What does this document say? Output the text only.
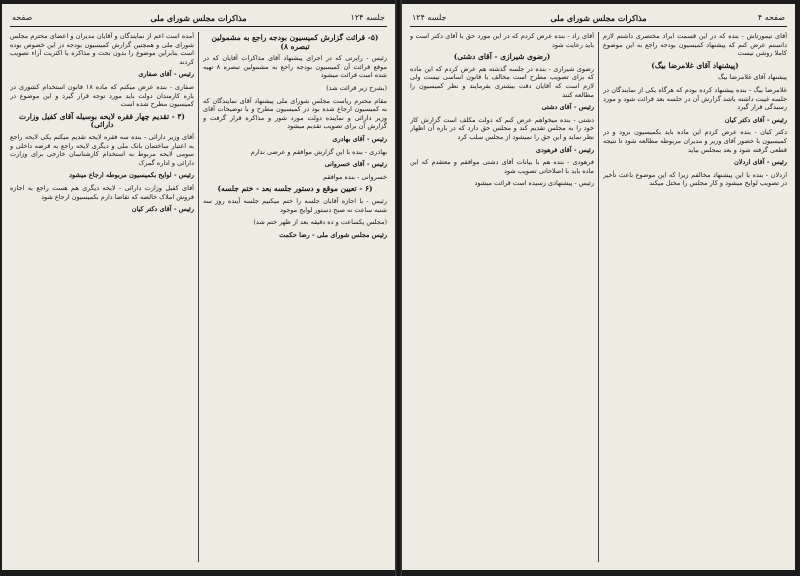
جلسه ۱۲۴
مذاکرات مجلس شورای ملی
صفحه
(۵- قرائت گزارش کمیسیون بودجه راجع به مشمولین تبصره ۸)

رئیس - راپرتی که در اجرای پیشنهاد آقای مذاکرات آقایان که در موقع قرائت آن کمیسیون بودجه راجع به مشمولین تبصره ۸ تهیه شده است قرائت میشود

(بشرح زیر قرائت شد)

مقام محترم ریاست مجلس شورای ملی پیشنهاد آقای نمایندگان که به کمیسیون ارجاع شده بود در کمیسیون مطرح و با توضیحات آقای وزیر دارائی و نماینده دولت مورد شور و مذاکره قرار گرفت و گزارش آن برای تصویب تقدیم میشود

رئیس - آقای بهادری

بهادری - بنده با این گزارش موافقم و عرضی ندارم

رئیس - آقای خسروانی

خسروانی - بنده موافقم

(۶ - تعیین موقع و دستور جلسه بعد - ختم جلسه)

رئیس - با اجازه آقایان جلسه را ختم میکنیم جلسه آینده روز سه شنبه ساعت نه صبح دستور لوایح موجود

(مجلس یکساعت و ده دقیقه بعد از ظهر ختم شد)

رئیس مجلس شورای ملی - رضا حکمت

آمده است اعم از نمایندگان و آقایان مدیران و اعضای محترم مجلس شورای ملی و همچنین گزارش کمیسیون بودجه در این خصوص بوده است بنابراین موضوع را بدون بحث و مذاکره با اکثریت آراء تصویب کردند

رئیس - آقای صفاری

صفاری - بنده عرض میکنم که ماده ۱۸ قانون استخدام کشوری در باره کارمندان دولت باید مورد توجه قرار گیرد و این موضوع در کمیسیون مطرح شده است

(۴ - تقدیم چهار فقره لایحه بوسیله آقای کفیل وزارت دارائی)

آقای وزیر دارائی - بنده سه فقره لایحه تقدیم میکنم یکی لایحه راجع به اعتبار ساختمان بانک ملی و دیگری لایحه راجع به قرضه داخلی و سومی لایحه مربوط به استخدام کارشناسان خارجی برای وزارت دارائی و اداره گمرک

رئیس - لوایح بکمیسیون مربوطه ارجاع میشود

آقای کفیل وزارت دارائی - لایحه دیگری هم هست راجع به اجازه فروش املاک خالصه که تقاضا دارم بکمیسیون ارجاع شود

رئیس - آقای دکتر کیان

صفحه ۴
مذاکرات مجلس شورای ملی
جلسه ۱۲۴

آقای تیمورتاش - بنده که در این قسمت ایراد مختصری داشتم لازم دانستم عرض کنم که پیشنهاد کمیسیون بودجه راجع به این موضوع کاملا روشن نیست

(پیشنهاد آقای غلامرضا بیگ)

پیشنهاد آقای غلامرضا بیگ

غلامرضا بیگ - بنده پیشنهاد کرده بودم که هرگاه یکی از نمایندگان در جلسه غیبت داشته باشد گزارش آن در جلسه بعد قرائت شود و مورد رسیدگی قرار گیرد

رئیس - آقای دکتر کیان

دکتر کیان - بنده عرض کردم این ماده باید بکمیسیون برود و در کمیسیون با حضور آقای وزیر و مدیران مربوطه مطالعه شود تا نتیجه قطعی گرفته شود و بعد بمجلس بیاید

رئیس - آقای اردلان

اردلان - بنده با این پیشنهاد مخالفم زیرا که این موضوع باعث تأخیر در تصویب لوایح میشود و کار مجلس را مختل میکند

آقای راد - بنده عرض کردم که در این مورد حق با آقای دکتر است و باید رعایت شود

(رضوی شیرازی - آقای دشتی)

رضوی شیرازی - بنده در جلسه گذشته هم عرض کردم که این ماده که برای تصویب مطرح است مخالف با قانون اساسی نیست ولی لازم است که آقایان دقت بیشتری بفرمایند و نظر کمیسیون را مطالعه کنند

رئیس - آقای دشتی

دشتی - بنده میخواهم عرض کنم که دولت مکلف است گزارش کار خود را به مجلس تقدیم کند و مجلس حق دارد که در باره آن اظهار نظر نماید و این حق را نمیشود از مجلس سلب کرد

رئیس - آقای فرهودی

فرهودی - بنده هم با بیانات آقای دشتی موافقم و معتقدم که این ماده باید با اصلاحاتی تصویب شود

رئیس - پیشنهادی رسیده است قرائت میشود
